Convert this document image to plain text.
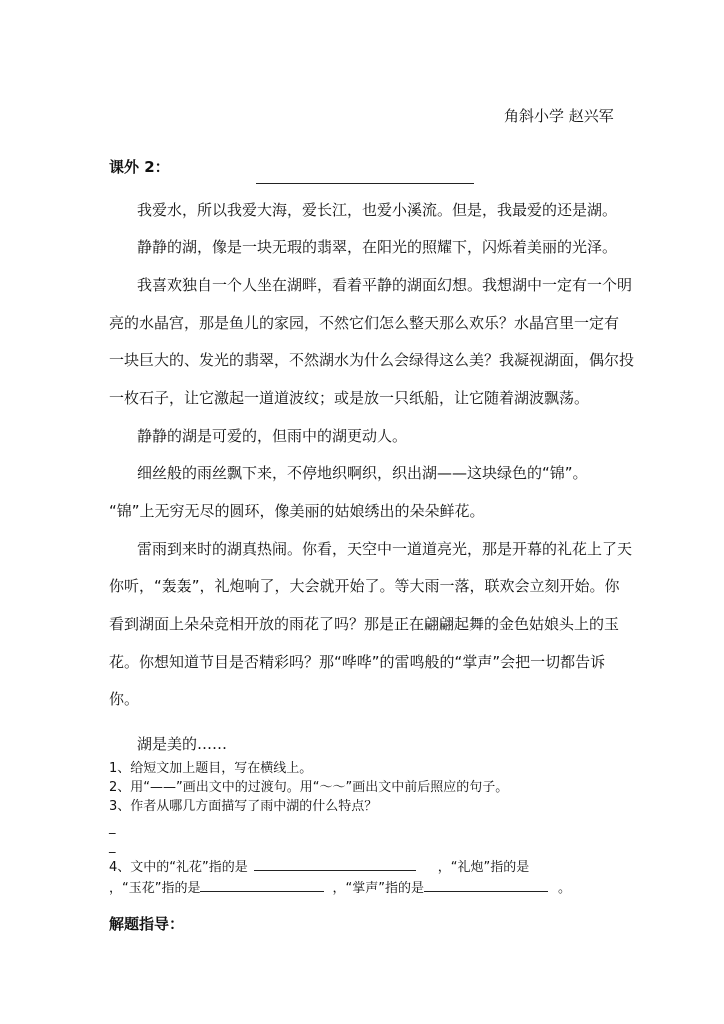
角斜小学 赵兴军
课外 2：
我爱水，所以我爱大海，爱长江，也爱小溪流。但是，我最爱的还是湖。
静静的湖，像是一块无瑕的翡翠，在阳光的照耀下，闪烁着美丽的光泽。
我喜欢独自一个人坐在湖畔，看着平静的湖面幻想。我想湖中一定有一个明
亮的水晶宫，那是鱼儿的家园，不然它们怎么整天那么欢乐？水晶宫里一定有
一块巨大的、发光的翡翠，不然湖水为什么会绿得这么美？我凝视湖面，偶尔投
一枚石子，让它激起一道道波纹；或是放一只纸船，让它随着湖波飘荡。
静静的湖是可爱的，但雨中的湖更动人。
细丝般的雨丝飘下来，不停地织啊织，织出湖——这块绿色的“锦”。
“锦”上无穷无尽的圆环，像美丽的姑娘绣出的朵朵鲜花。
雷雨到来时的湖真热闹。你看，天空中一道道亮光，那是开幕的礼花上了天
你听，“轰轰”，礼炮响了，大会就开始了。等大雨一落，联欢会立刻开始。你
看到湖面上朵朵竞相开放的雨花了吗？那是正在翩翩起舞的金色姑娘头上的玉
花。你想知道节目是否精彩吗？那“哗哗”的雷鸣般的“掌声”会把一切都告诉
你。
湖是美的……
1、给短文加上题目，写在横线上。
2、用“——”画出文中的过渡句。用“～～”画出文中前后照应的句子。
3、作者从哪几方面描写了雨中湖的什么特点？
_
_
4、文中的“礼花”指的是	，“礼炮”指的是
，“玉花”指的是	，“掌声”指的是	。
解题指导：
